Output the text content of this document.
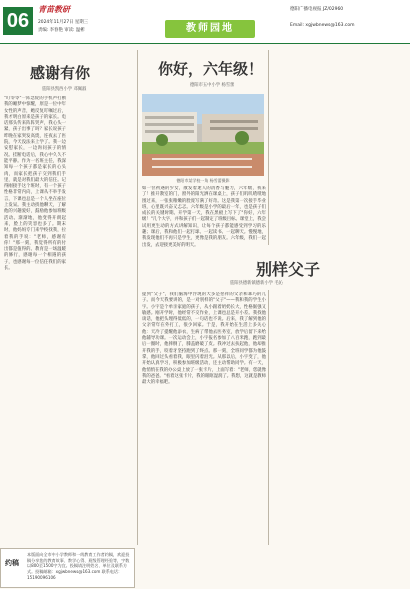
06
青苗教研
2024年11月27日 星期三
责编: 李春艳 审读: 温彬	教师园地
德阳广播电视报 JZ/02960
Email: xgjwbnews@163.com
感谢有你
旌阳县凯西小学 邓佩淑
"叮零零"一阵急促的手机声打断我的睡梦中惊醒，原是一位中年女性的声音，她反复叮嘱过后，我才明白原来是孩子的家长。电话那头传来阵阵哭声，我心头一紧，孩子出事了吗？家长说孩子昨晚在家突发高烧，连夜去了医院，今天没法来上学了。我一边安慰家长，一边询问孩子的情况。挂断电话后，我心中久久不能平静。作为一名班主任，我深知每一个孩子都是家长的心头肉，而家长把孩子交到我们手里，就是对我们最大的信任。记得刚接手这个班时，有一个孩子性格非常内向，上课从不举手发言，下课也总是一个人坐在座位上发呆。我主动找他聊天，了解他的兴趣爱好，鼓励他参加班级活动。渐渐地，他变得开朗起来，脸上的笑容也多了。期末时，他妈妈专门来学校找我，拉着我的手说："老师，感谢有你！"那一刻，我觉得所有的付出都是值得的。教育是一场温暖的修行，感谢每一个相遇的孩子，也感谢每一位信任我们的家长。
你好，六年级！
德阳市五中小学 杨雪蕾
德阳市某学校一角 杨雪蕾摄影
如一位初遇的少女，散发着迷人的清香与魅力，六年级，我来了！推开教室的门，窗外的阳光洒在课桌上，孩子们叽叽喳喳地围过来，一张张稚嫩的脸庞写满了好奇。这是我第一次接手毕业班，心里既兴奋又忐忑。六年级是小学的最后一年，也是孩子们成长的关键时期。开学第一天，我在黑板上写下了"你好，六年级！"几个大字，并和孩子们一起制定了班级目标。课堂上，我尝试用更生动的方式讲解知识，让每个孩子都能感受到学习的乐趣；课后，我和他们一起打球、一起读书、一起聊天。慢慢地，我发现他们不再只是学生，更像是我的朋友。六年级，我们一起出发，去迎接更美好的明天。
别样父子
旌阳县德新镇德新小学 毛沁
提到"父子"，我们脑海中浮现的大多是慈祥的父亲和乖巧的儿子。而今天我要讲的，是一对别样的"父子"——我和我的学生小宇。小宇是个单亲家庭的孩子，从小跟着奶奶长大，性格倔强又敏感。刚开学时，他经常不交作业，上课也总是开小差。我找他谈话，他把头埋得低低的，一句话也不说。后来，我了解到他的父亲常年在外打工，很少回家。于是，我开始在生活上多关心他：天冷了提醒他添衣，生病了带他去医务室，放学后留下来给他辅导功课。一次运动会上，小宇报名参加了八百米跑，跑到最后一圈时，他摔倒了，膝盖磨破了皮。我冲过去扶起他，他却推开我的手，咬着牙坚持跑到了终点。那一刻，全班同学都为他鼓掌，他回过头看着我，眼里闪着泪光。从那以后，小宇变了，他开始认真学习，积极参加班级活动，还主动帮助同学。有一天，他悄悄在我的办公桌上放了一张卡片，上面写着："老师，您就像我的爸爸。"看着这张卡片，我的眼眶湿润了。我想，这就是教师最大的幸福吧。
约稿
本版面向全市中小学教师和一线教育工作者约稿，欢迎投稿分享您的教育故事、教学心得、班级管理经验等，字数以800至1500字为宜。投稿请注明姓名、单位及联系方式。投稿邮箱：xgjwbnews@163.com 联系电话：15190096106
